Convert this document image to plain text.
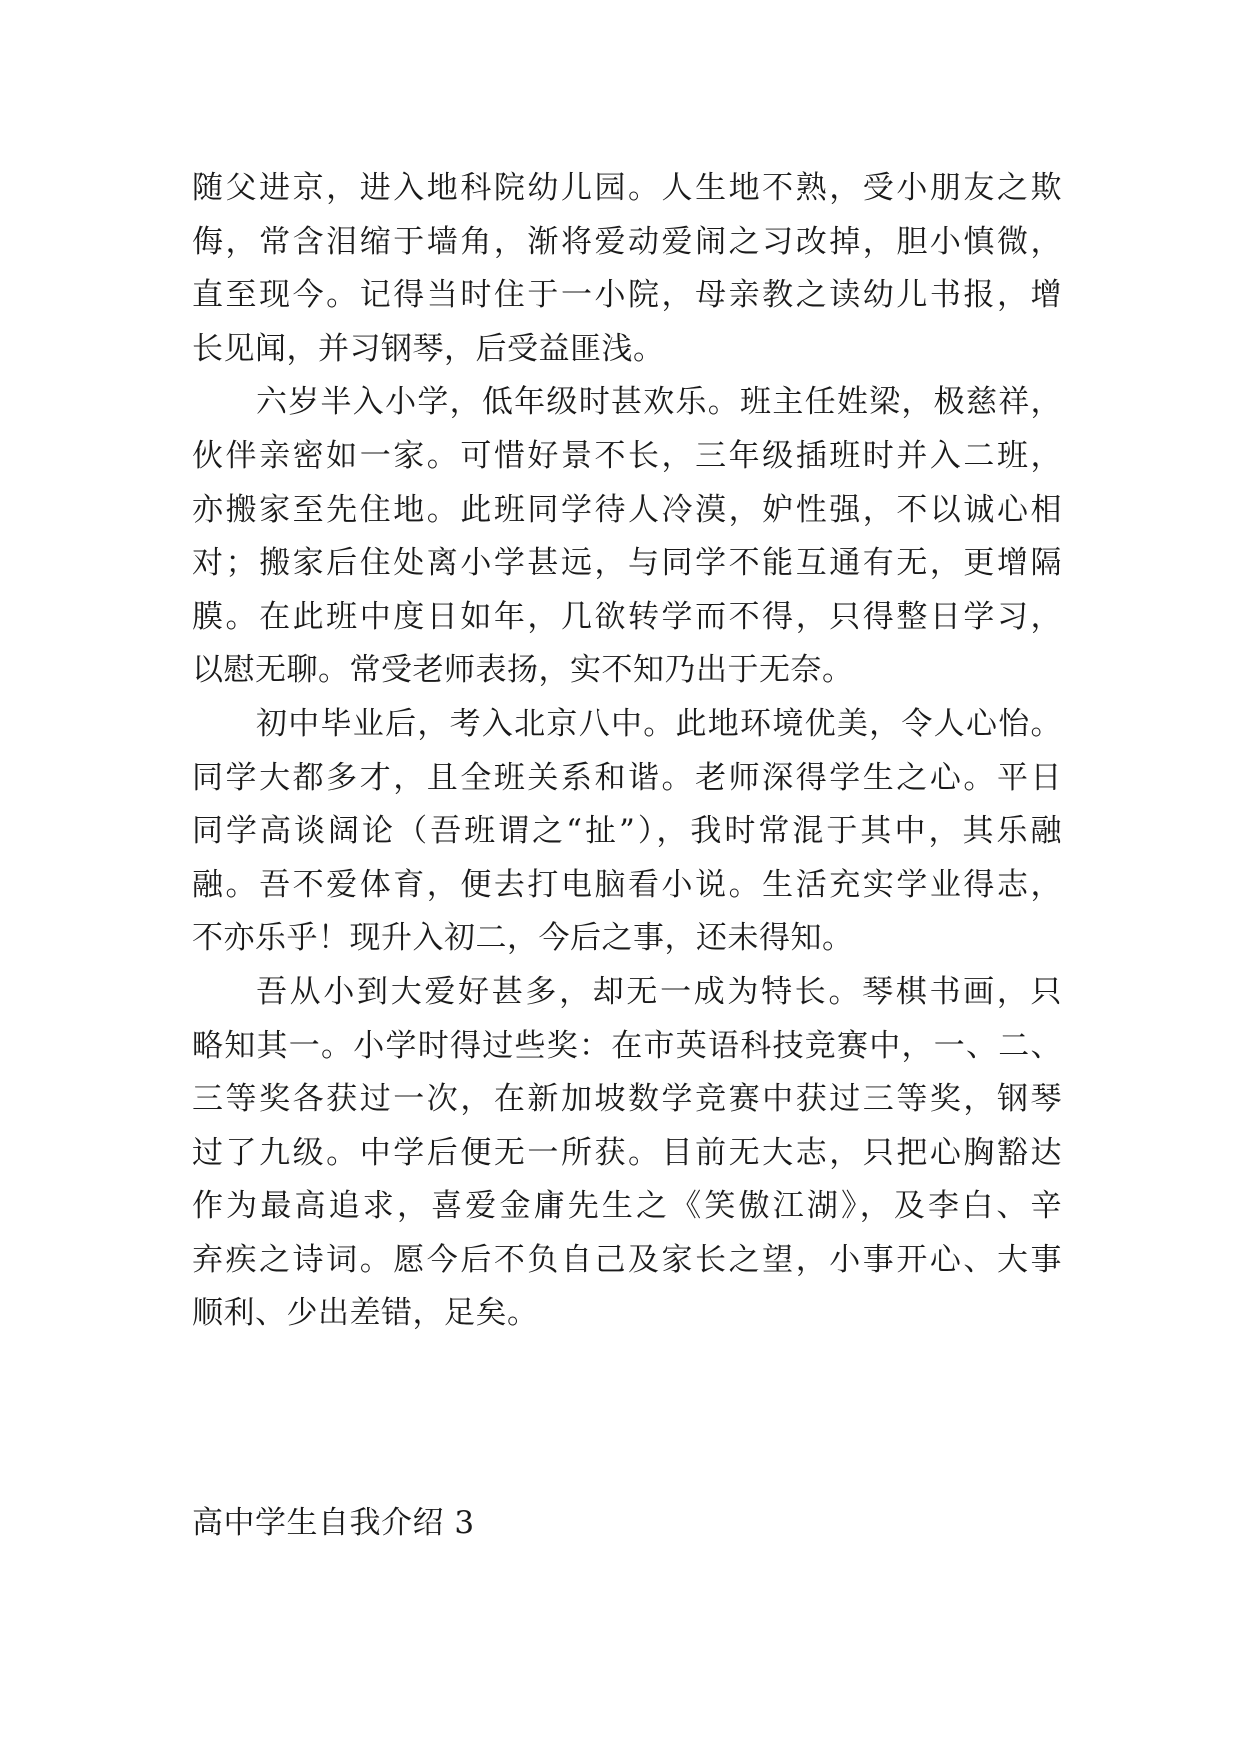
随父进京，进入地科院幼儿园。人生地不熟，受小朋友之欺
侮，常含泪缩于墙角，渐将爱动爱闹之习改掉，胆小慎微，
直至现今。记得当时住于一小院，母亲教之读幼儿书报，增
长见闻，并习钢琴，后受益匪浅。
六岁半入小学，低年级时甚欢乐。班主任姓梁，极慈祥，
伙伴亲密如一家。可惜好景不长，三年级插班时并入二班，
亦搬家至先住地。此班同学待人冷漠，妒性强，不以诚心相
对；搬家后住处离小学甚远，与同学不能互通有无，更增隔
膜。在此班中度日如年，几欲转学而不得，只得整日学习，
以慰无聊。常受老师表扬，实不知乃出于无奈。
初中毕业后，考入北京八中。此地环境优美，令人心怡。
同学大都多才，且全班关系和谐。老师深得学生之心。平日
同学高谈阔论（吾班谓之“扯”），我时常混于其中，其乐融
融。吾不爱体育，便去打电脑看小说。生活充实学业得志，
不亦乐乎！现升入初二，今后之事，还未得知。
吾从小到大爱好甚多，却无一成为特长。琴棋书画，只
略知其一。小学时得过些奖：在市英语科技竞赛中，一、二、
三等奖各获过一次，在新加坡数学竞赛中获过三等奖，钢琴
过了九级。中学后便无一所获。目前无大志，只把心胸豁达
作为最高追求，喜爱金庸先生之《笑傲江湖》，及李白、辛
弃疾之诗词。愿今后不负自己及家长之望，小事开心、大事
顺利、少出差错，足矣。
高中学生自我介绍 3
